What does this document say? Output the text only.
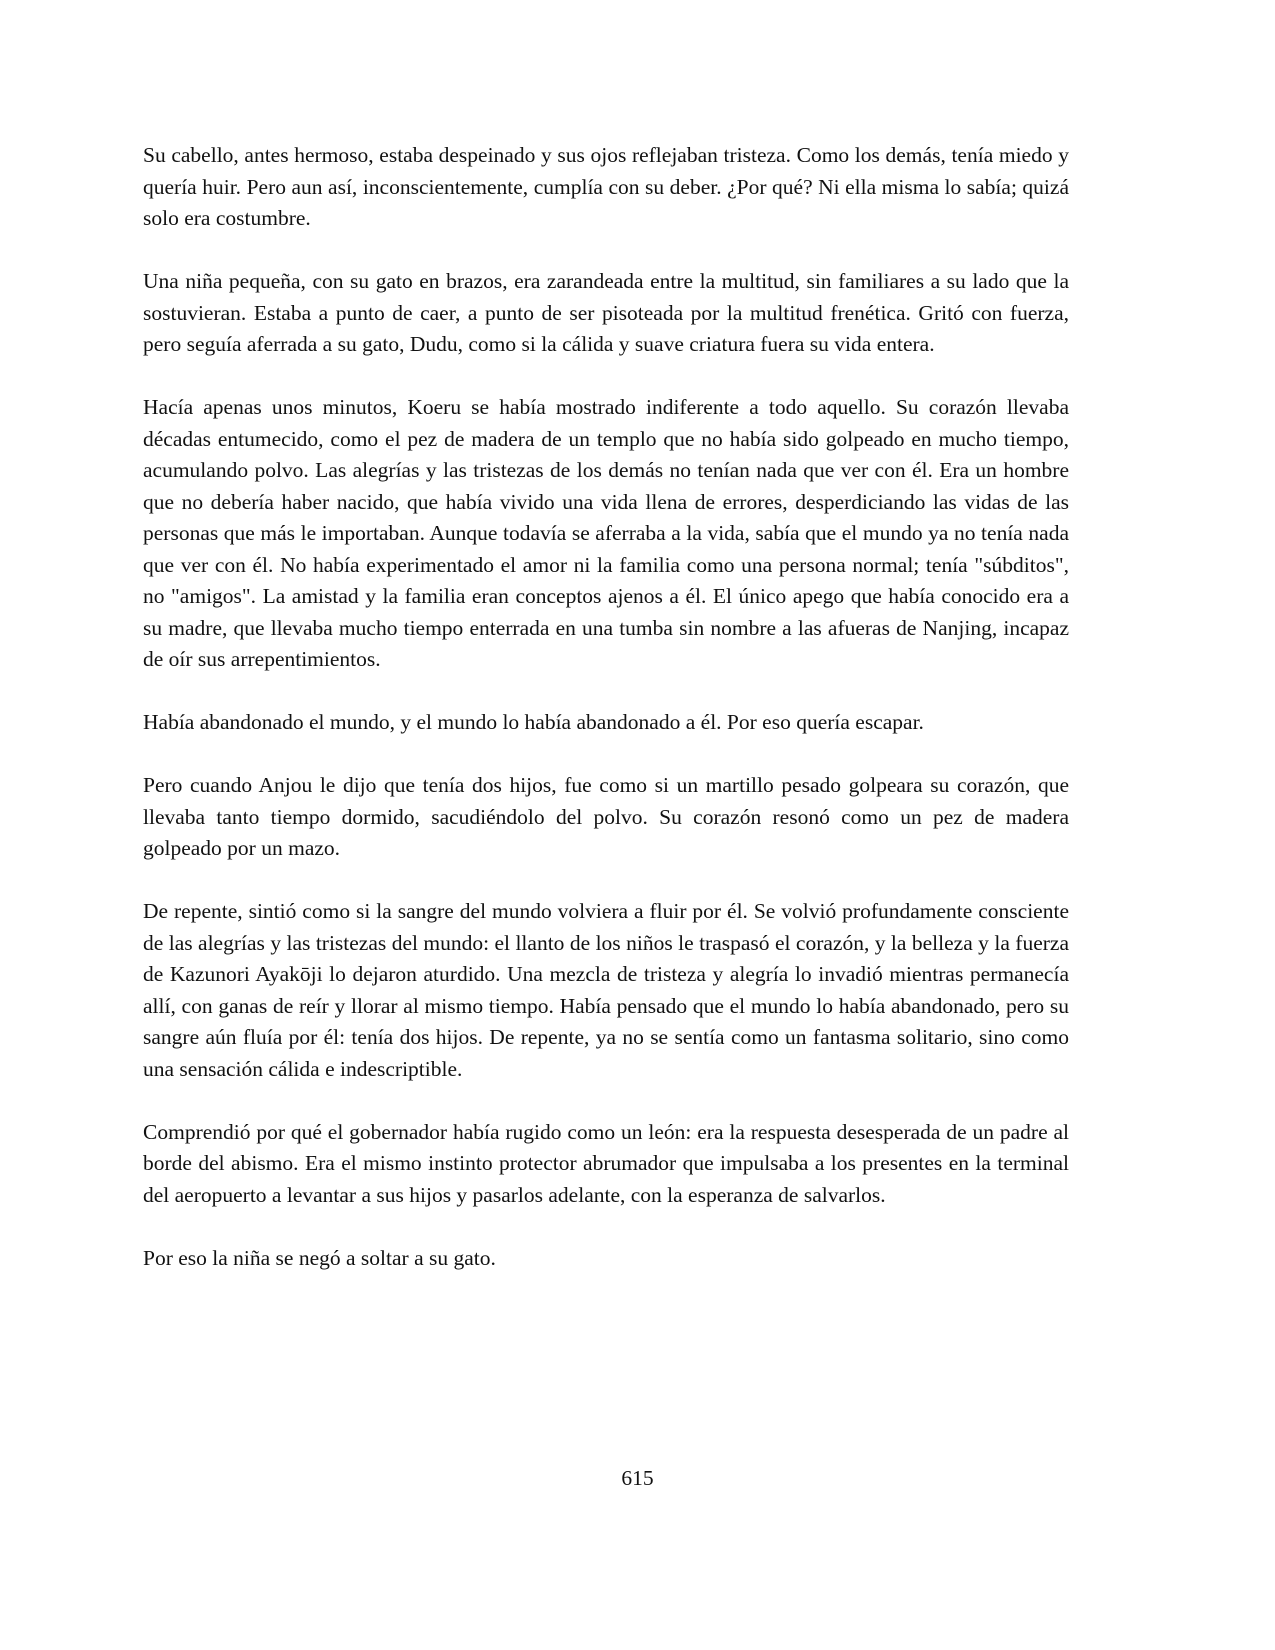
Su cabello, antes hermoso, estaba despeinado y sus ojos reflejaban tristeza. Como los demás, tenía miedo y quería huir. Pero aun así, inconscientemente, cumplía con su deber. ¿Por qué? Ni ella misma lo sabía; quizá solo era costumbre.

Una niña pequeña, con su gato en brazos, era zarandeada entre la multitud, sin familiares a su lado que la sostuvieran. Estaba a punto de caer, a punto de ser pisoteada por la multitud frenética. Gritó con fuerza, pero seguía aferrada a su gato, Dudu, como si la cálida y suave criatura fuera su vida entera.

Hacía apenas unos minutos, Koeru se había mostrado indiferente a todo aquello. Su corazón llevaba décadas entumecido, como el pez de madera de un templo que no había sido golpeado en mucho tiempo, acumulando polvo. Las alegrías y las tristezas de los demás no tenían nada que ver con él. Era un hombre que no debería haber nacido, que había vivido una vida llena de errores, desperdiciando las vidas de las personas que más le importaban. Aunque todavía se aferraba a la vida, sabía que el mundo ya no tenía nada que ver con él. No había experimentado el amor ni la familia como una persona normal; tenía "súbditos", no "amigos". La amistad y la familia eran conceptos ajenos a él. El único apego que había conocido era a su madre, que llevaba mucho tiempo enterrada en una tumba sin nombre a las afueras de Nanjing, incapaz de oír sus arrepentimientos.

Había abandonado el mundo, y el mundo lo había abandonado a él. Por eso quería escapar.

Pero cuando Anjou le dijo que tenía dos hijos, fue como si un martillo pesado golpeara su corazón, que llevaba tanto tiempo dormido, sacudiéndolo del polvo. Su corazón resonó como un pez de madera golpeado por un mazo.

De repente, sintió como si la sangre del mundo volviera a fluir por él. Se volvió profundamente consciente de las alegrías y las tristezas del mundo: el llanto de los niños le traspasó el corazón, y la belleza y la fuerza de Kazunori Ayakōji lo dejaron aturdido. Una mezcla de tristeza y alegría lo invadió mientras permanecía allí, con ganas de reír y llorar al mismo tiempo. Había pensado que el mundo lo había abandonado, pero su sangre aún fluía por él: tenía dos hijos. De repente, ya no se sentía como un fantasma solitario, sino como una sensación cálida e indescriptible.

Comprendió por qué el gobernador había rugido como un león: era la respuesta desesperada de un padre al borde del abismo. Era el mismo instinto protector abrumador que impulsaba a los presentes en la terminal del aeropuerto a levantar a sus hijos y pasarlos adelante, con la esperanza de salvarlos.

Por eso la niña se negó a soltar a su gato.

615
